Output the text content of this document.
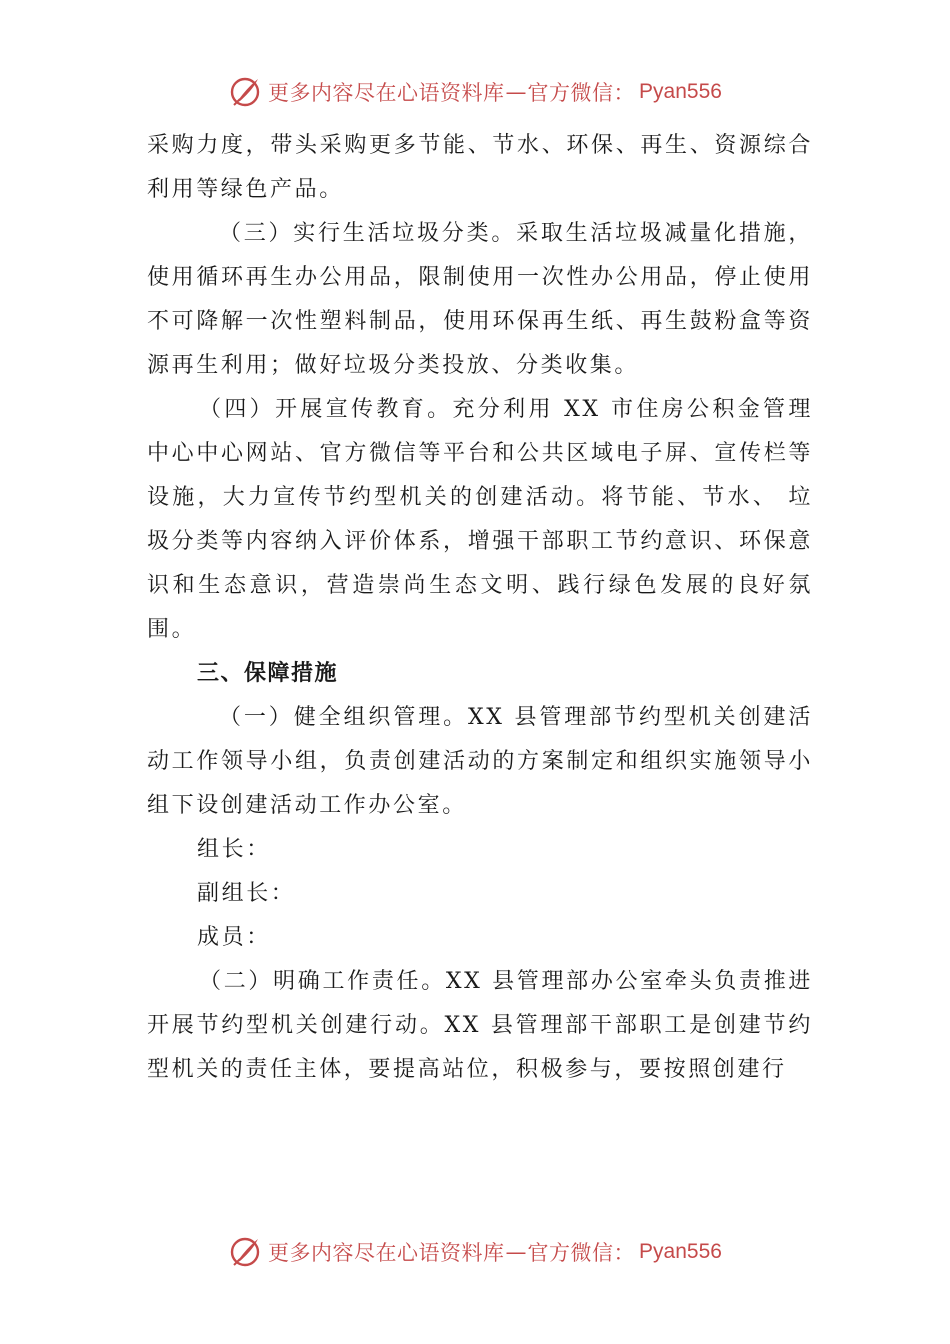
更多内容尽在心语资料库 — 官方微信： Pyan556

采购力度，带头采购更多节能、节水、环保、再生、资源综合利用等绿色产品。

（三）实行生活垃圾分类。采取生活垃圾减量化措施，使用循环再生办公用品，限制使用一次性办公用品，停止使用不可降解一次性塑料制品，使用环保再生纸、再生鼓粉盒等资源再生利用；做好垃圾分类投放、分类收集。

（四）开展宣传教育。充分利用 XX 市住房公积金管理中心中心网站、官方微信等平台和公共区域电子屏、宣传栏等设施，大力宣传节约型机关的创建活动。将节能、节水、 垃圾分类等内容纳入评价体系，增强干部职工节约意识、环保意识和生态意识，营造崇尚生态文明、践行绿色发展的良好氛围。

三、保障措施

（一）健全组织管理。XX 县管理部节约型机关创建活动工作领导小组，负责创建活动的方案制定和组织实施领导小组下设创建活动工作办公室。

组长：

副组长：

成员：

（二）明确工作责任。XX 县管理部办公室牵头负责推进开展节约型机关创建行动。XX 县管理部干部职工是创建节约型机关的责任主体，要提高站位，积极参与，要按照创建行

更多内容尽在心语资料库 — 官方微信： Pyan556
